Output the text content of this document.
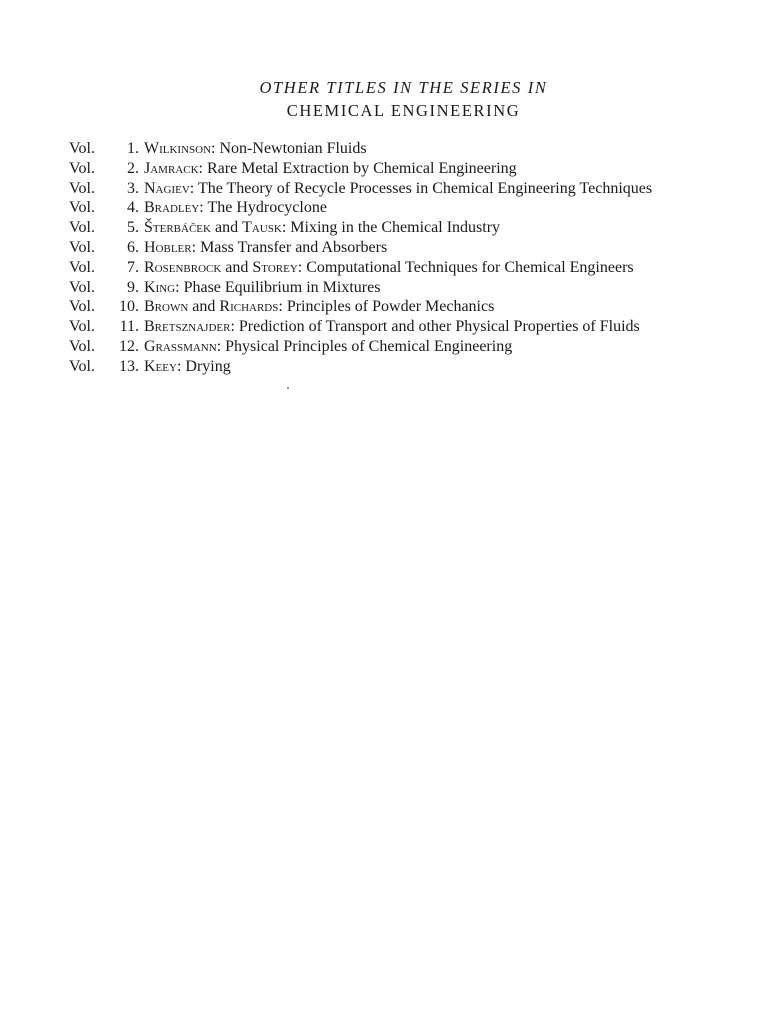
OTHER TITLES IN THE SERIES IN
CHEMICAL ENGINEERING
Vol. 1. Wilkinson: Non-Newtonian Fluids
Vol. 2. Jamrack: Rare Metal Extraction by Chemical Engineering
Vol. 3. Nagiev: The Theory of Recycle Processes in Chemical Engineering Techniques
Vol. 4. Bradley: The Hydrocyclone
Vol. 5. Šterbáček and Tausk: Mixing in the Chemical Industry
Vol. 6. Hobler: Mass Transfer and Absorbers
Vol. 7. Rosenbrock and Storey: Computational Techniques for Chemical Engineers
Vol. 9. King: Phase Equilibrium in Mixtures
Vol. 10. Brown and Richards: Principles of Powder Mechanics
Vol. 11. Bretsznajder: Prediction of Transport and other Physical Properties of Fluids
Vol. 12. Grassmann: Physical Principles of Chemical Engineering
Vol. 13. Keey: Drying
